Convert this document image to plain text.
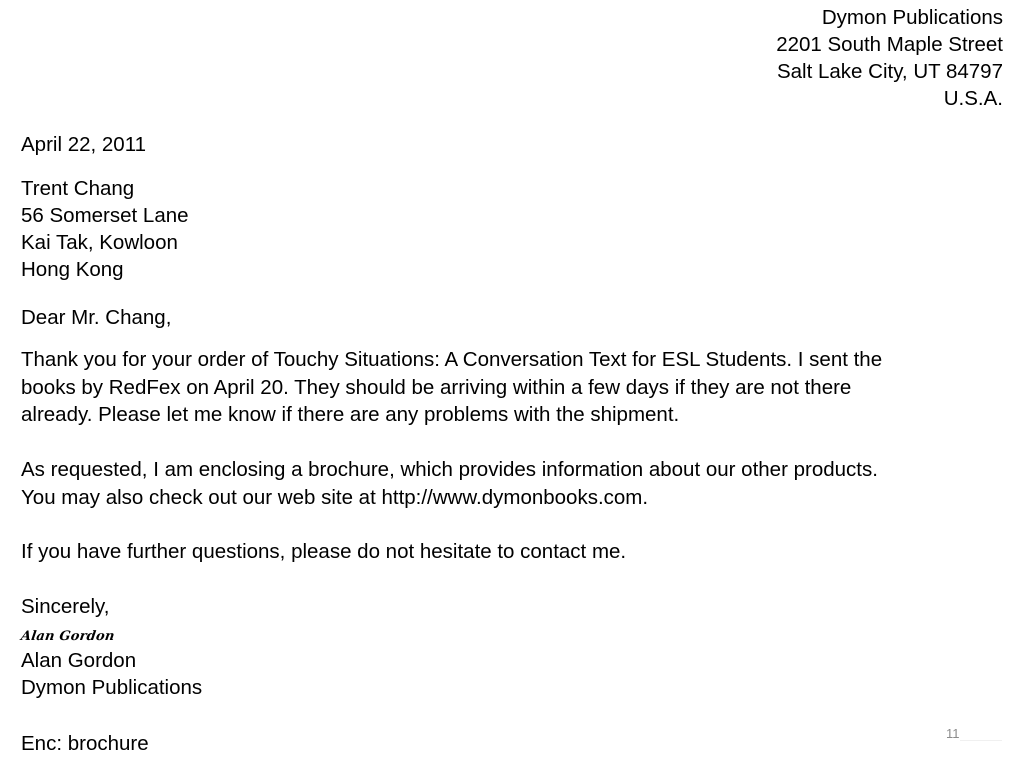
Dymon Publications
2201 South Maple Street
Salt Lake City, UT 84797
U.S.A.
April 22, 2011
Trent Chang
56 Somerset Lane
Kai Tak, Kowloon
Hong Kong
Dear Mr. Chang,
Thank you for your order of Touchy Situations: A Conversation Text for ESL Students. I sent the
books by RedFex on April 20. They should be arriving within a few days if they are not there
already. Please let me know if there are any problems with the shipment.
As requested, I am enclosing a brochure, which provides information about our other products.
You may also check out our web site at http://www.dymonbooks.com.
If you have further questions, please do not hesitate to contact me.
Sincerely,
Alan Gordon
Alan Gordon
Dymon Publications
Enc: brochure	11
